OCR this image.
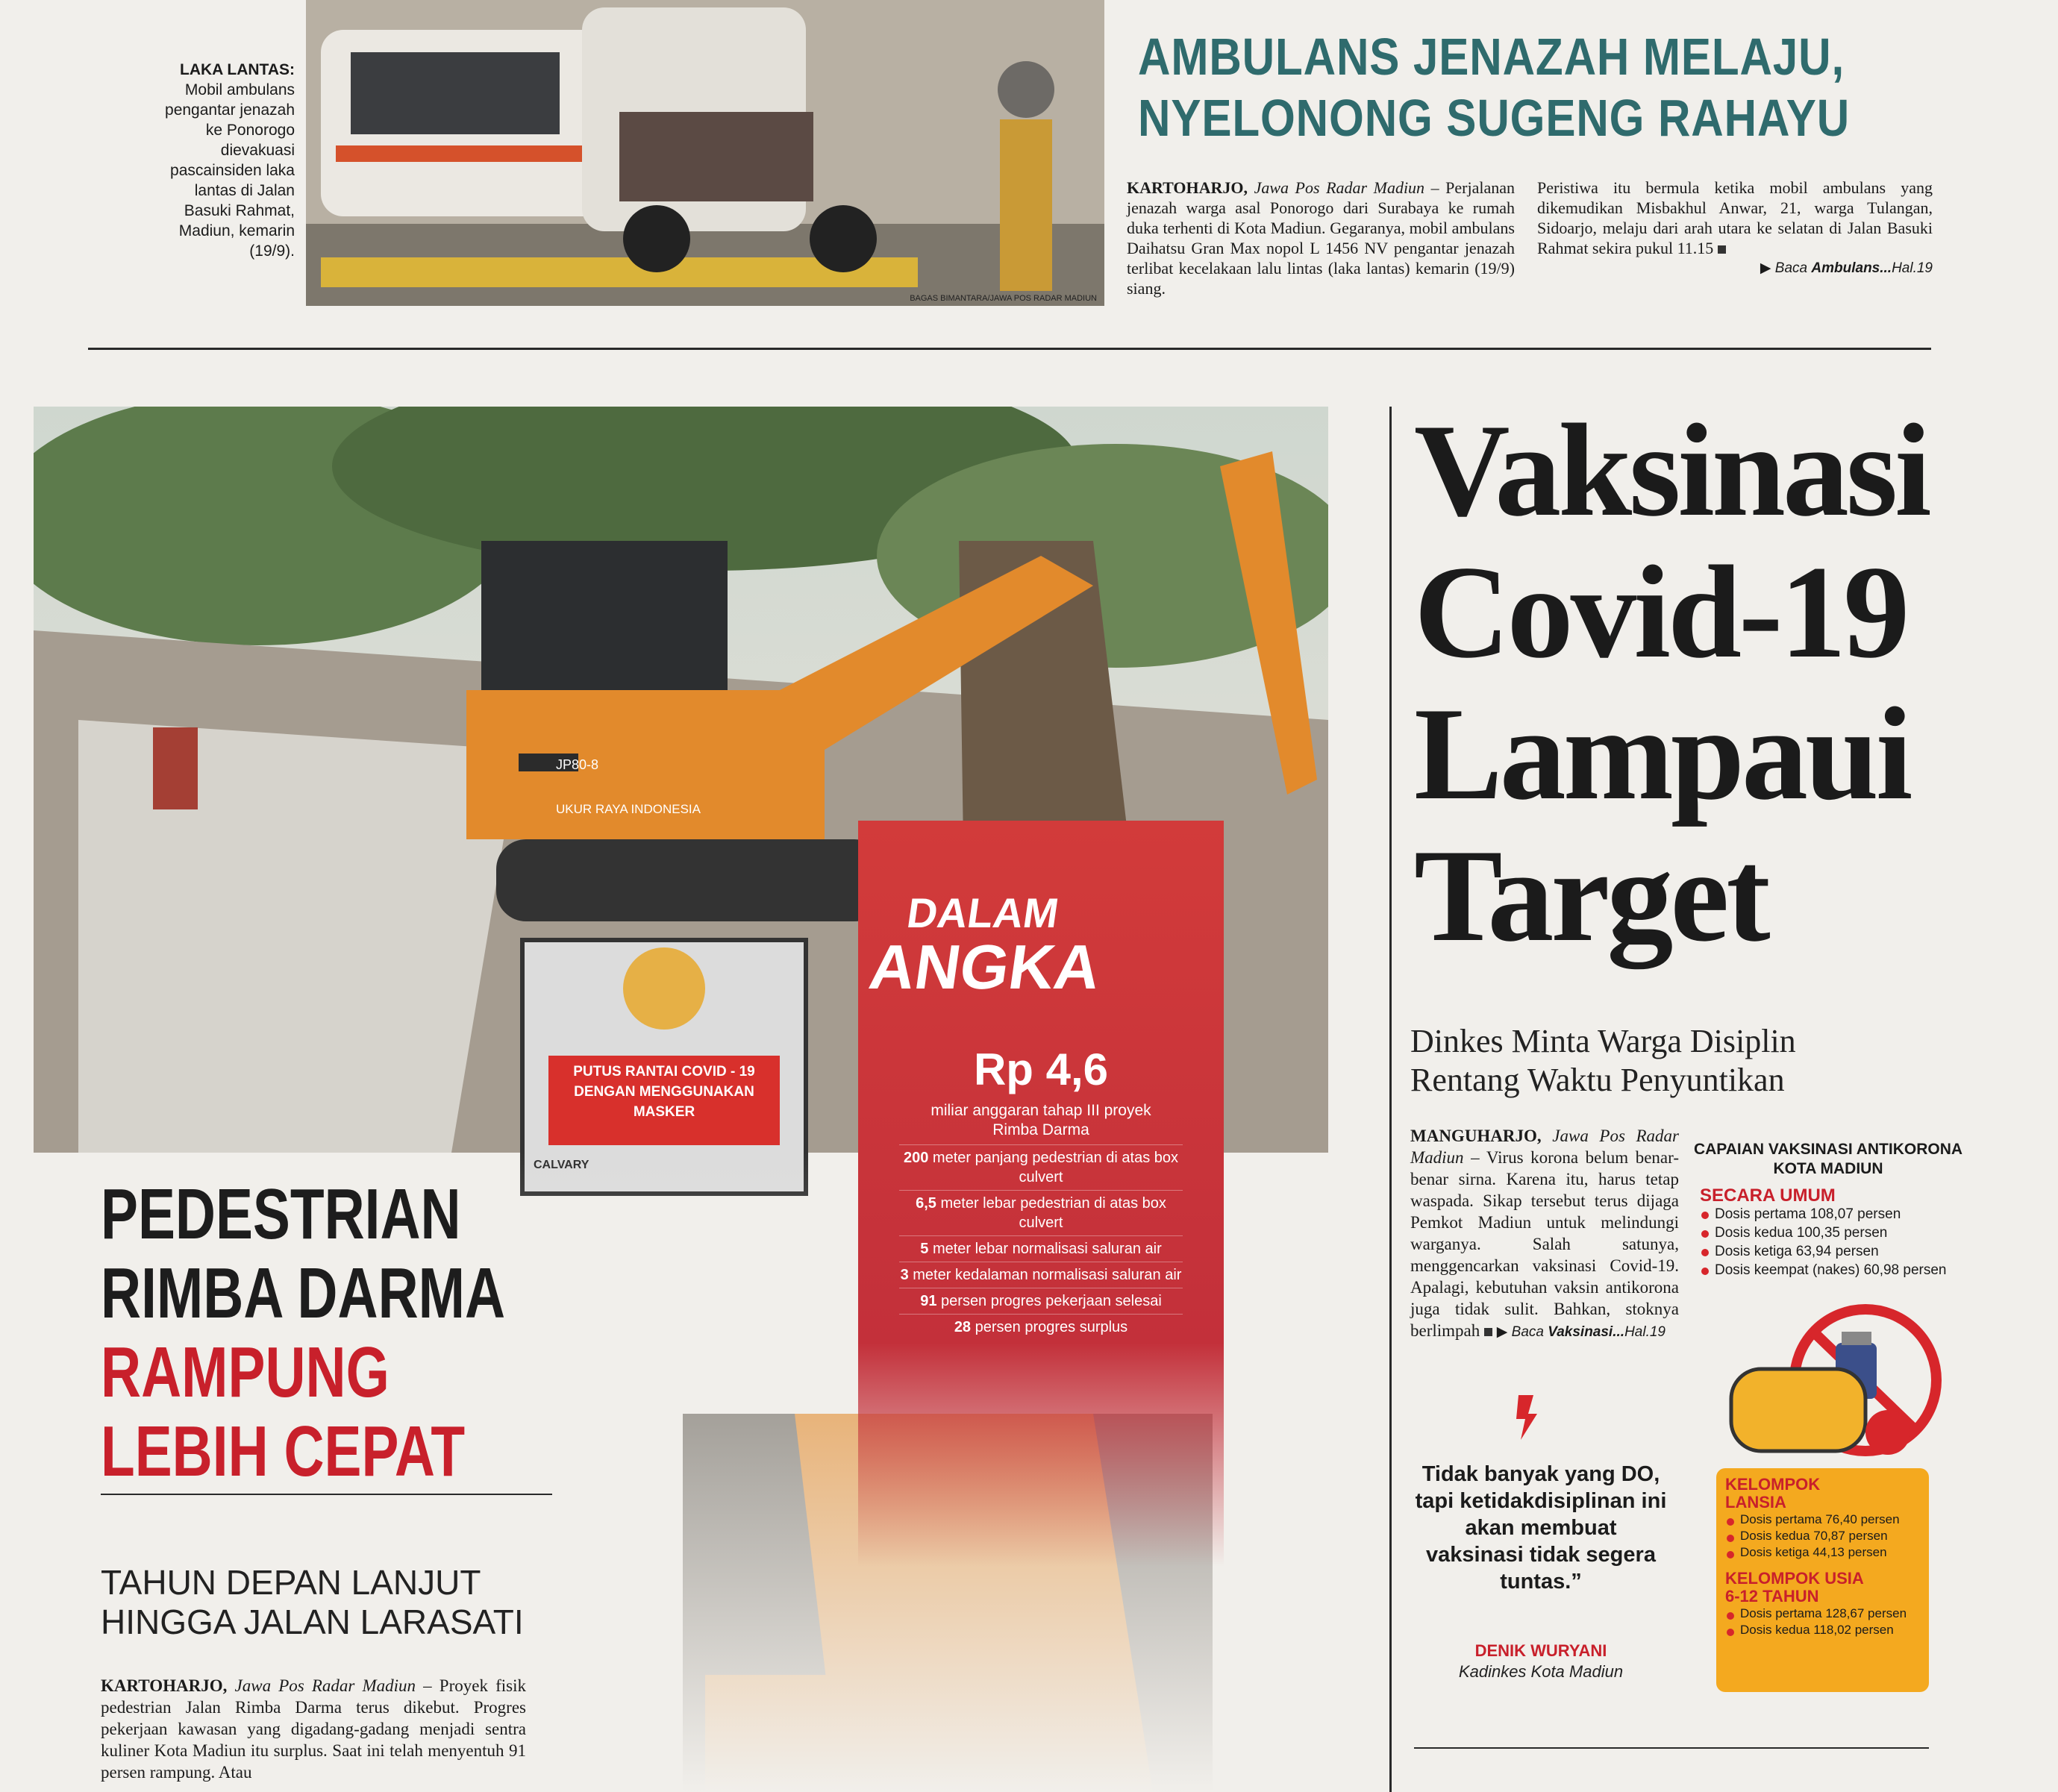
LAKA LANTAS:
Mobil ambulans pengantar jenazah ke Ponorogo dievakuasi pascainsiden laka lantas di Jalan Basuki Rahmat, Madiun, kemarin (19/9).
BAGAS BIMANTARA/JAWA POS RADAR MADIUN
AMBULANS JENAZAH MELAJU, NYELONONG SUGENG RAHAYU
KARTOHARJO, Jawa Pos Radar Madiun – Perjalanan jenazah warga asal Ponorogo dari Surabaya ke rumah duka terhenti di Kota Madiun. Gegaranya, mobil ambulans Daihatsu Gran Max nopol L 1456 NV pengantar jenazah terlibat kecelakaan lalu lintas (laka lantas) kemarin (19/9) siang.
Peristiwa itu bermula ketika mobil ambulans yang dikemudikan Misbakhul Anwar, 21, warga Tulangan, Sidoarjo, melaju dari arah utara ke selatan di Jalan Basuki Rahmat sekira pukul 11.15
▶ Baca Ambulans...Hal.19
PUTUS RANTAI COVID - 19 DENGAN MENGGUNAKAN MASKER
CALVARY
JP80-8
UKUR RAYA INDONESIA
DALAM
ANGKA
Rp 4,6
miliar anggaran tahap III proyek Rimba Darma
200 meter panjang pedestrian di atas box culvert
6,5 meter lebar pedestrian di atas box culvert
5 meter lebar normalisasi saluran air
3 meter kedalaman normalisasi saluran air
91 persen progres pekerjaan selesai
28 persen progres surplus
PEDESTRIAN RIMBA DARMA
RAMPUNG LEBIH CEPAT
TAHUN DEPAN LANJUT HINGGA JALAN LARASATI
KARTOHARJO, Jawa Pos Radar Madiun – Proyek fisik pedestrian Jalan Rimba Darma terus dikebut. Progres pekerjaan kawasan yang digadang-gadang menjadi sentra kuliner Kota Madiun itu surplus. Saat ini telah menyentuh 91 persen rampung. Atau
Vaksinasi
Covid-19
Lampaui
Target
Dinkes Minta Warga Disiplin Rentang Waktu Penyuntikan
MANGUHARJO, Jawa Pos Radar Madiun – Virus korona belum benar-benar sirna. Karena itu, harus tetap waspada. Sikap tersebut terus dijaga Pemkot Madiun untuk melindungi warganya. Salah satunya, menggencarkan vaksinasi Covid-19. Apalagi, kebutuhan vaksin antikorona juga tidak sulit. Bahkan, stoknya berlimpah ▶ Baca Vaksinasi...Hal.19
CAPAIAN VAKSINASI ANTIKORONA KOTA MADIUN
SECARA UMUM
Dosis pertama 108,07 persen
Dosis kedua 100,35 persen
Dosis ketiga 63,94 persen
Dosis keempat (nakes) 60,98 persen
KELOMPOK LANSIA
Dosis pertama 76,40 persen
Dosis kedua 70,87 persen
Dosis ketiga 44,13 persen
KELOMPOK USIA 6-12 TAHUN
Dosis pertama 128,67 persen
Dosis kedua 118,02 persen
Tidak banyak yang DO, tapi ketidakdisiplinan ini akan membuat vaksinasi tidak segera tuntas.”
DENIK WURYANI
Kadinkes Kota Madiun
